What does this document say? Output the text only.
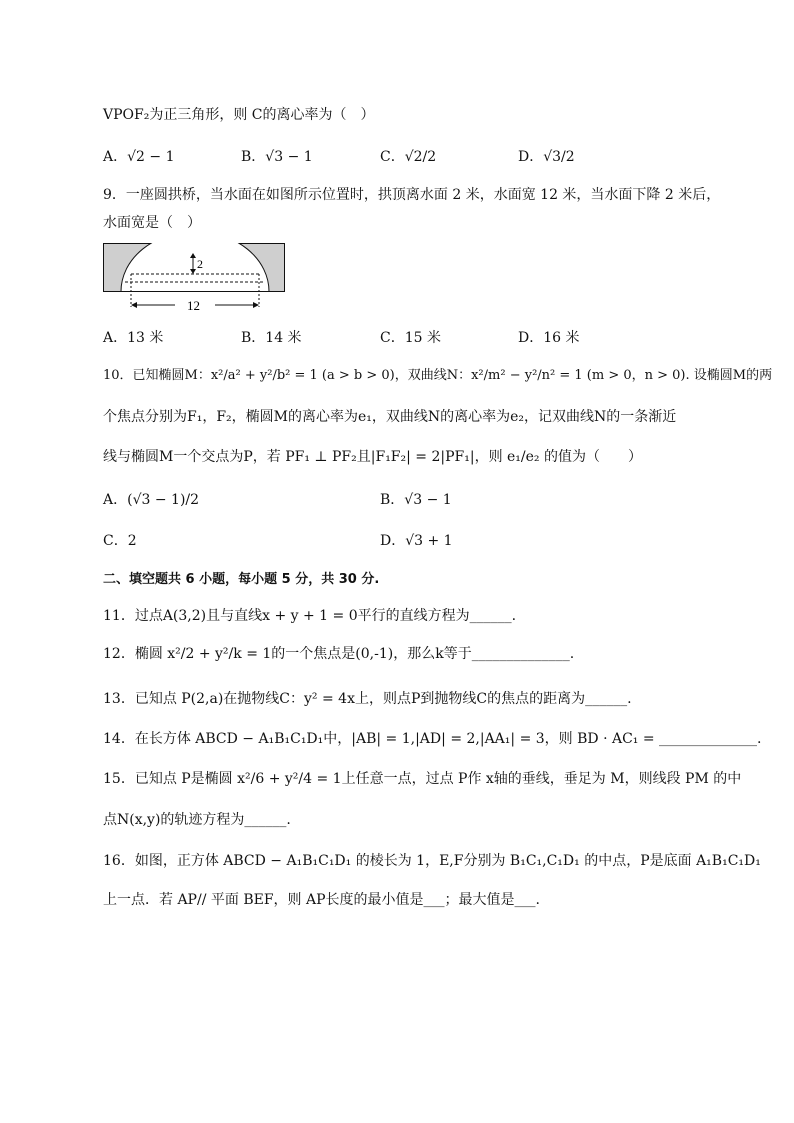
VPOF₂为正三角形，则 C的离心率为（　）
A．√2 − 1	B．√3 − 1	C．√2/2	D．√3/2
9．一座圆拱桥，当水面在如图所示位置时，拱顶离水面 2 米，水面宽 12 米，当水面下降 2 米后，
水面宽是（　）
2
12
A．13 米	B．14 米	C．15 米	D．16 米
10．已知椭圆M：x²/a² + y²/b² = 1 (a > b > 0)，双曲线N：x²/m² − y²/n² = 1 (m > 0，n > 0). 设椭圆M的两
个焦点分别为F₁，F₂，椭圆M的离心率为e₁，双曲线N的离心率为e₂，记双曲线N的一条渐近
线与椭圆M一个交点为P，若 PF₁ ⊥ PF₂且|F₁F₂| = 2|PF₁|，则 e₁/e₂ 的值为（　　）
A．(√3 − 1)/2	B．√3 − 1
C．2	D．√3 + 1
二、填空题共 6 小题，每小题 5 分，共 30 分.
11．过点A(3,2)且与直线x + y + 1 = 0平行的直线方程为______.
12．椭圆 x²/2 + y²/k = 1的一个焦点是(0,-1)，那么k等于______________.
13．已知点 P(2,a)在抛物线C：y² = 4x上，则点P到抛物线C的焦点的距离为______.
14．在长方体 ABCD − A₁B₁C₁D₁中，|AB| = 1,|AD| = 2,|AA₁| = 3，则 BD · AC₁ = ______________.
15．已知点 P是椭圆 x²/6 + y²/4 = 1上任意一点，过点 P作 x轴的垂线，垂足为 M，则线段 PM 的中
点N(x,y)的轨迹方程为______.
16．如图，正方体 ABCD − A₁B₁C₁D₁ 的棱长为 1，E,F分别为 B₁C₁,C₁D₁ 的中点，P是底面 A₁B₁C₁D₁
上一点．若 AP// 平面 BEF，则 AP长度的最小值是___；最大值是___.
